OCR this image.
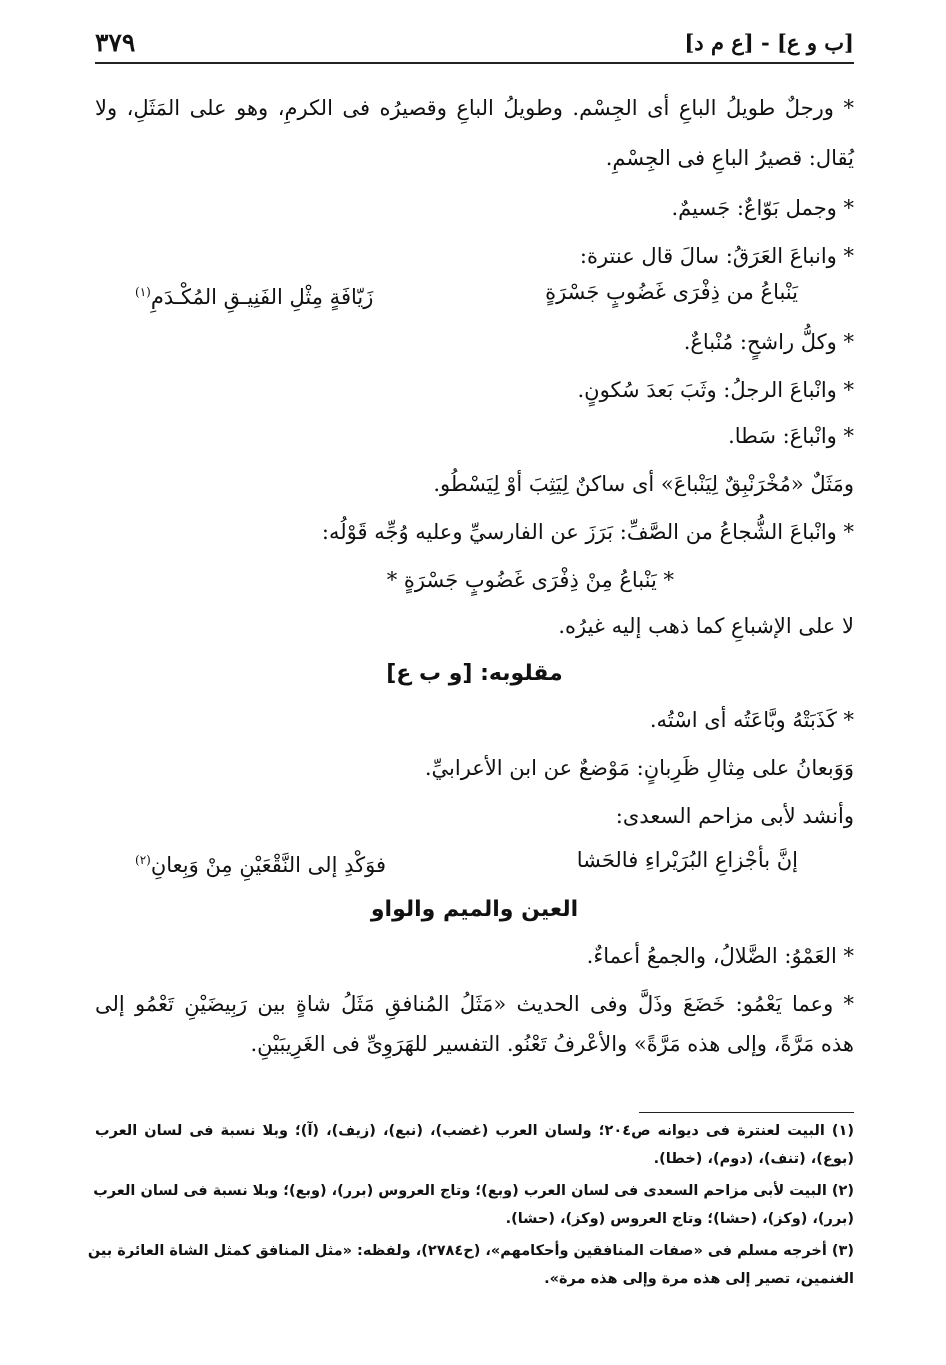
٣٧٩	[ب و ع] - [ع م د]
* ورجلٌ طويلُ الباعِ أى الجِسْم. وطويلُ الباعِ وقصيرُه فى الكرمِ، وهو على المَثَلِ، ولا
يُقال: قصيرُ الباعِ فى الجِسْمِ.
* وجمل بَوّاعٌ: جَسيمٌ.
* وانباعَ العَرَقُ: سالَ قال عنترة:
يَنْباعُ من ذِفْرَى غَضُوبٍ جَسْرَةٍ
زَيّافَةٍ مِثْلِ الفَنِيـقِ المُكْـدَمِ$^{(١)}$
* وكلُّ راشحٍ: مُنْباعٌ.
* وانْباعَ الرجلُ: وثَبَ بَعدَ سُكونٍ.
* وانْباعَ: سَطا.
ومَثَلٌ «مُخْرَنْبِقٌ لِيَنْباعَ» أى ساكنٌ لِيَثِبَ أوْ لِيَسْطُو.
* وانْباعَ الشُّجاعُ من الصَّفِّ: بَرَزَ عن الفارسيِّ وعليه وُجِّه قَوْلُه:
* يَنْباعُ مِنْ ذِفْرَى غَضُوبٍ جَسْرَةٍ *
لا على الإشباعِ كما ذهب إليه غيرُه.
مقلوبه: [و ب ع]
* كَذَبَتْهُ وبَّاعَتُه أى اسْتُه.
وَوَبعانُ على مِثالِ ظَرِبانٍ: مَوْضعٌ عن ابن الأعرابيِّ.
وأنشد لأبى مزاحم السعدى:
إنَّ بأجْزاعِ البُرَيْراءِ فالحَشا
فوَكْدِ إلى النَّقْعَيْنِ مِنْ وَبِعانِ$^{(٢)}$
العين والميم والواو
* العَمْوُ: الضَّلالُ، والجمعُ أعماءٌ.
* وعما يَعْمُو: خَضَعَ وذَلَّ وفى الحديث «مَثَلُ المُنافقِ مَثَلُ شاةٍ بين رَبِيضَيْنِ تَعْمُو إلى
هذه مَرَّةً، وإلى هذه مَرَّةً» والأعْرفُ تَعْنُو. التفسير للهَرَوِىِّ فى الغَرِيبَيْنِ.
(١) البيت لعنترة فى ديوانه ص٢٠٤؛ ولسان العرب (غضب)، (نبع)، (زيف)، (آ)؛ وبلا نسبة فى لسان العرب
(بوع)، (تنف)، (دوم)، (خطا).
(٢) البيت لأبى مزاحم السعدى فى لسان العرب (وبع)؛ وتاج العروس (برر)، (وبع)؛ وبلا نسبة فى لسان العرب
(برر)، (وكز)، (حشا)؛ وتاج العروس (وكز)، (حشا).
(٣) أخرجه مسلم فى «صفات المنافقين وأحكامهم»، (ح٢٧٨٤)، ولفظه: «مثل المنافق كمثل الشاة العائرة بين
الغنمين، تصير إلى هذه مرة وإلى هذه مرة».
